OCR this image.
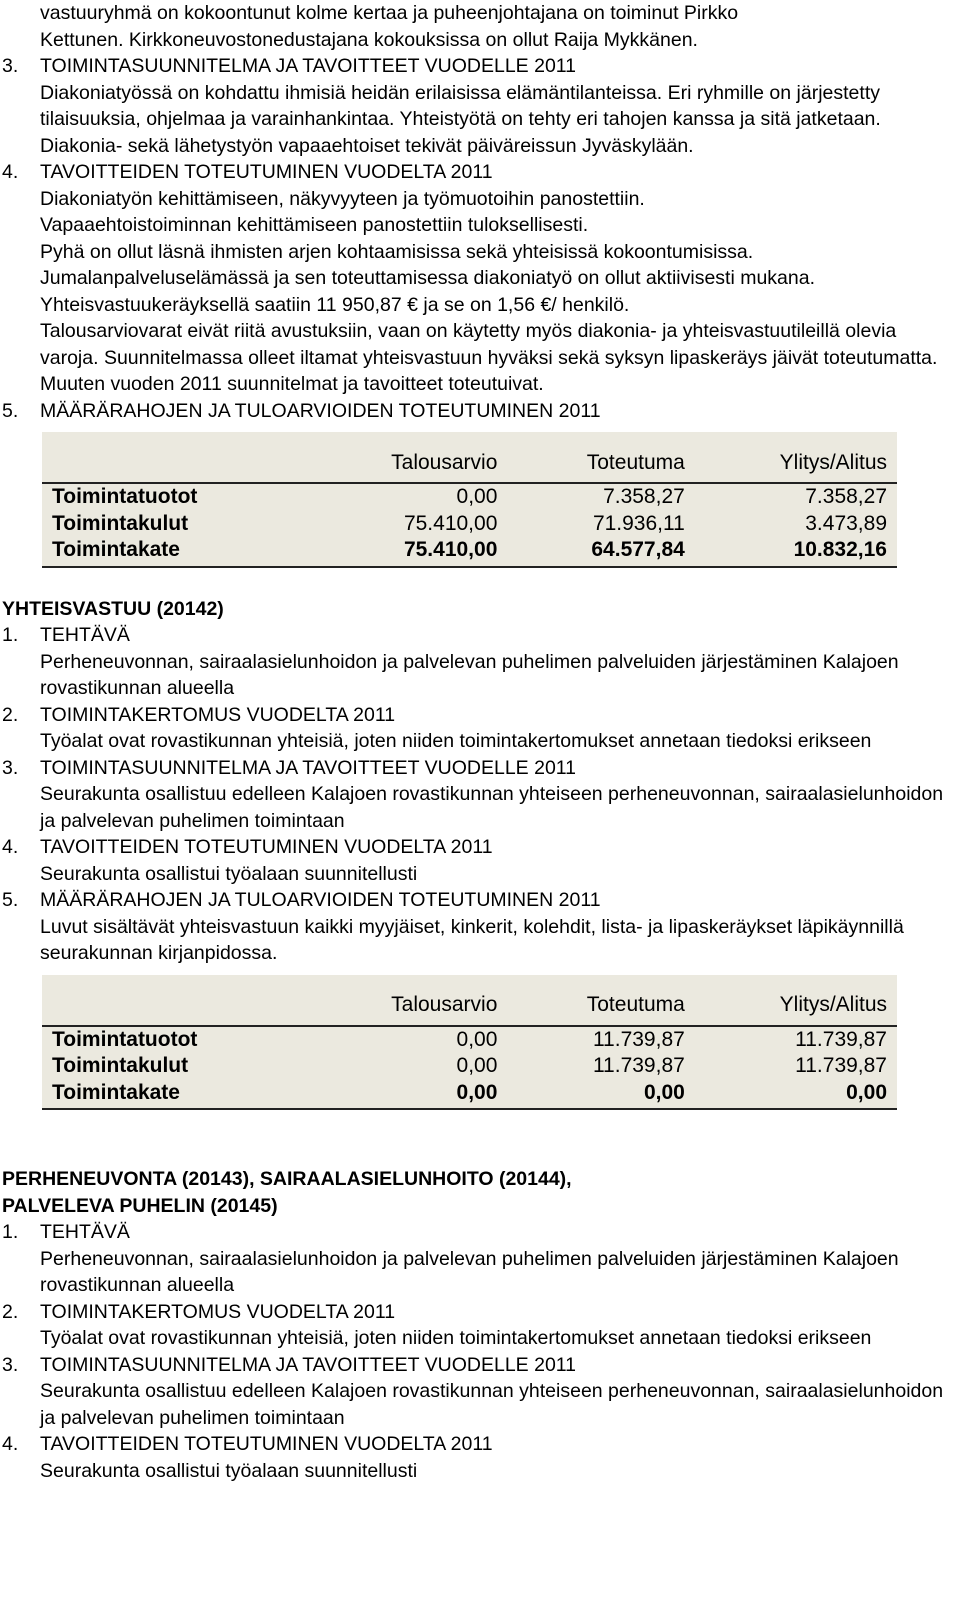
vastuuryhmä on kokoontunut kolme kertaa ja puheenjohtajana on toiminut Pirkko
Kettunen. Kirkkoneuvostonedustajana kokouksissa on ollut Raija Mykkänen.
3.	TOIMINTASUUNNITELMA JA TAVOITTEET VUODELLE 2011
Diakoniatyössä on kohdattu ihmisiä heidän erilaisissa elämäntilanteissa. Eri ryhmille on järjestetty tilaisuuksia, ohjelmaa ja varainhankintaa. Yhteistyötä on tehty eri tahojen kanssa ja sitä jatketaan. Diakonia- sekä lähetystyön vapaaehtoiset tekivät päiväreissun Jyväskylään.
4.	TAVOITTEIDEN TOTEUTUMINEN VUODELTA 2011
Diakoniatyön kehittämiseen, näkyvyyteen ja työmuotoihin panostettiin.
Vapaaehtoistoiminnan kehittämiseen panostettiin tuloksellisesti.
Pyhä on ollut läsnä ihmisten arjen kohtaamisissa sekä yhteisissä kokoontumisissa.
Jumalanpalveluselämässä ja sen toteuttamisessa diakoniatyö on ollut aktiivisesti mukana. Yhteisvastuukeräyksellä saatiin 11 950,87 € ja se on 1,56 €/ henkilö.
Talousarviovarat eivät riitä avustuksiin, vaan on käytetty myös diakonia- ja yhteisvastuutileillä olevia varoja. Suunnitelmassa olleet iltamat yhteisvastuun hyväksi sekä syksyn lipaskeräys jäivät toteutumatta. Muuten vuoden 2011 suunnitelmat ja tavoitteet toteutuivat.
5.	MÄÄRÄRAHOJEN JA TULOARVIOIDEN TOTEUTUMINEN 2011
	Talousarvio	Toteutuma	Ylitys/Alitus
Toimintatuotot	0,00	7.358,27	7.358,27
Toimintakulut	75.410,00	71.936,11	3.473,89
Toimintakate	75.410,00	64.577,84	10.832,16
YHTEISVASTUU (20142)
1.	TEHTÄVÄ
Perheneuvonnan, sairaalasielunhoidon ja palvelevan puhelimen palveluiden järjestäminen Kalajoen rovastikunnan alueella
2.	TOIMINTAKERTOMUS VUODELTA 2011
Työalat ovat rovastikunnan yhteisiä, joten niiden toimintakertomukset annetaan tiedoksi erikseen
3.	TOIMINTASUUNNITELMA JA TAVOITTEET VUODELLE 2011
Seurakunta osallistuu edelleen Kalajoen rovastikunnan yhteiseen perheneuvonnan, sairaalasielunhoidon ja palvelevan puhelimen toimintaan
4.	TAVOITTEIDEN TOTEUTUMINEN VUODELTA 2011
Seurakunta osallistui työalaan suunnitellusti
5.	MÄÄRÄRAHOJEN JA TULOARVIOIDEN TOTEUTUMINEN 2011
Luvut sisältävät yhteisvastuun kaikki myyjäiset, kinkerit, kolehdit, lista- ja lipaskeräykset läpikäynnillä seurakunnan kirjanpidossa.
	Talousarvio	Toteutuma	Ylitys/Alitus
Toimintatuotot	0,00	11.739,87	11.739,87
Toimintakulut	0,00	11.739,87	11.739,87
Toimintakate	0,00	0,00	0,00
PERHENEUVONTA (20143), SAIRAALASIELUNHOITO (20144),
PALVELEVA PUHELIN (20145)
1.	TEHTÄVÄ
Perheneuvonnan, sairaalasielunhoidon ja palvelevan puhelimen palveluiden järjestäminen Kalajoen rovastikunnan alueella
2.	TOIMINTAKERTOMUS VUODELTA 2011
Työalat ovat rovastikunnan yhteisiä, joten niiden toimintakertomukset annetaan tiedoksi erikseen
3.	TOIMINTASUUNNITELMA JA TAVOITTEET VUODELLE 2011
Seurakunta osallistuu edelleen Kalajoen rovastikunnan yhteiseen perheneuvonnan, sairaalasielunhoidon ja palvelevan puhelimen toimintaan
4.	TAVOITTEIDEN TOTEUTUMINEN VUODELTA 2011
Seurakunta osallistui työalaan suunnitellusti
